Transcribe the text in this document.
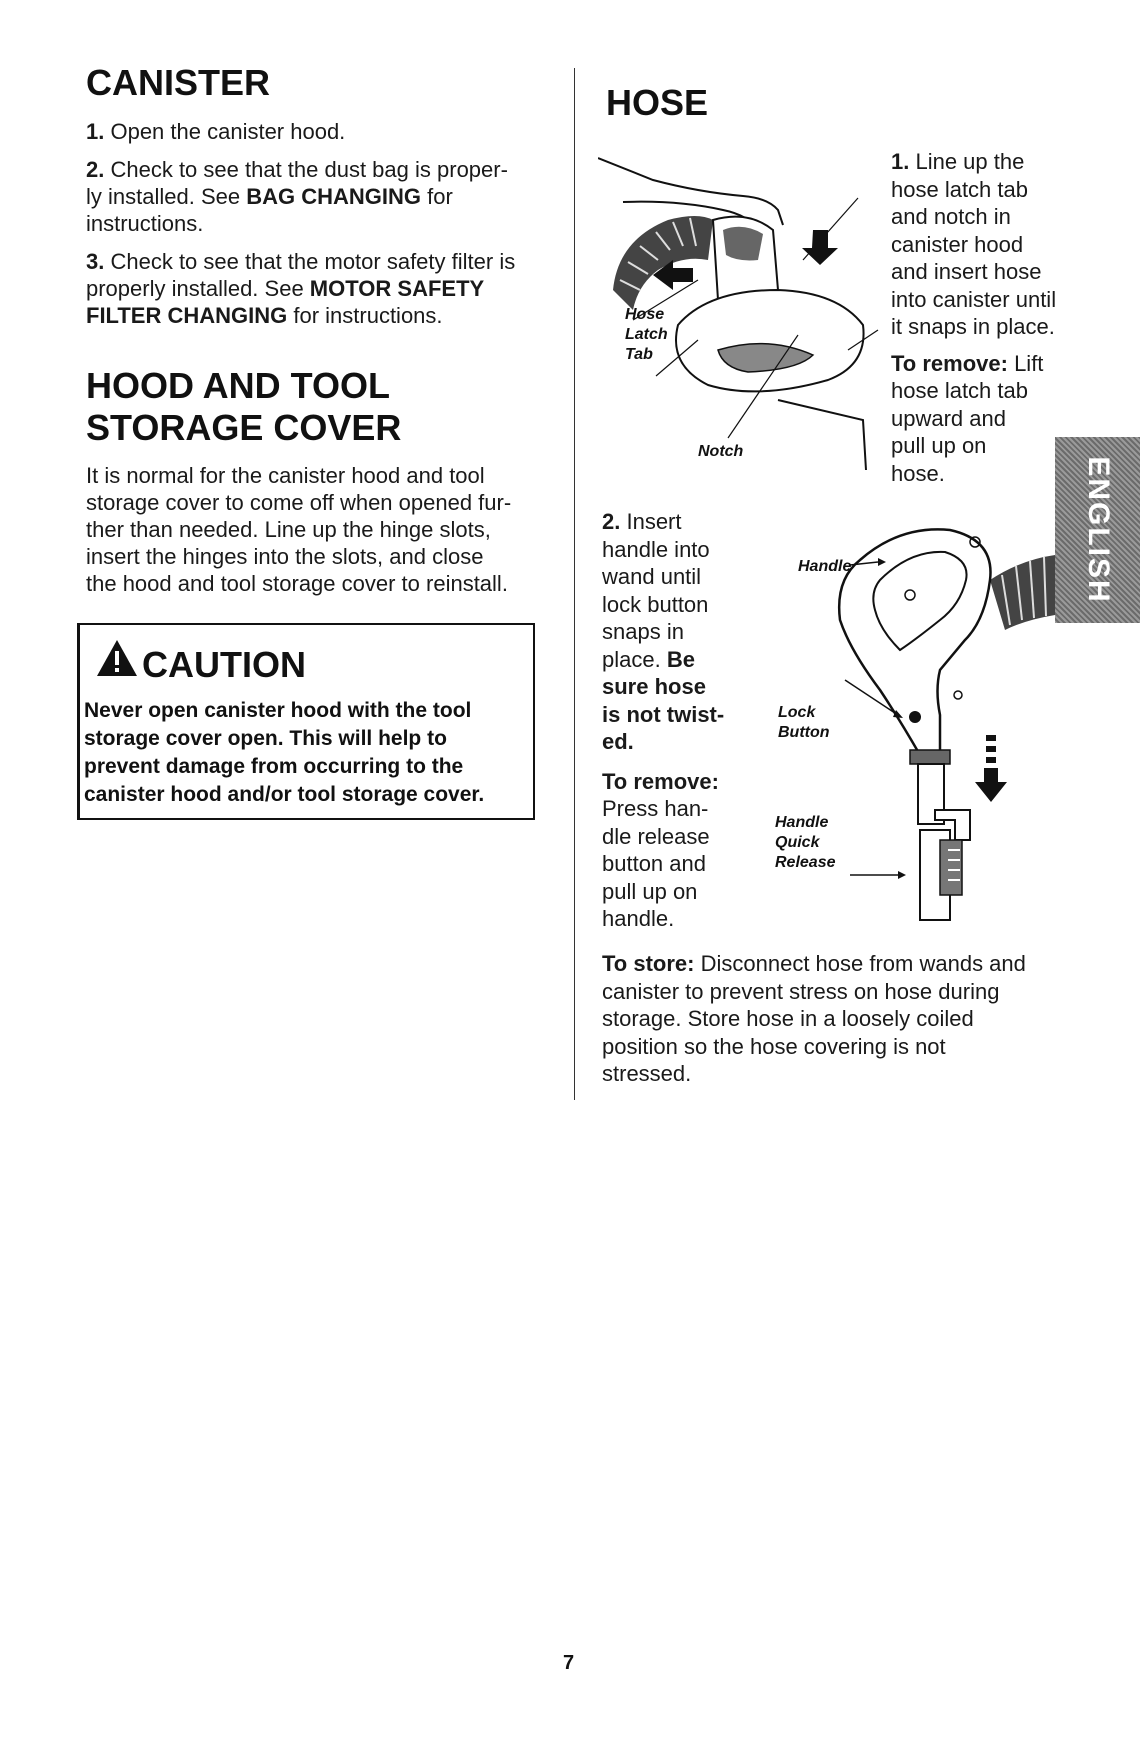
CANISTER

1. Open the canister hood.

2. Check to see that the dust bag is proper-
ly installed. See BAG CHANGING for
instructions.

3. Check to see that the motor safety filter is
properly installed. See MOTOR SAFETY
FILTER CHANGING for instructions.

HOOD AND TOOL
STORAGE COVER
It is normal for the canister hood and tool
storage cover to come off when opened fur-
ther than needed. Line up the hinge slots,
insert the hinges into the slots, and close
the hood and tool storage cover to reinstall.
CAUTION
Never open canister hood with the tool
storage cover open. This will help to
prevent damage from occurring to the
canister hood and/or tool storage cover.
HOSE
Hose
Latch
Tab
Notch
1. Line up the
hose latch tab
and notch in
canister hood
and insert hose
into canister until
it snaps in place.
To remove: Lift
hose latch tab
upward and
pull up on
hose.	ENGLISH
2. Insert
handle into
wand until
lock button
snaps in
place. Be
sure hose
is not twist-
ed.
To remove:
Press han-
dle release
button and
pull up on
handle.
Handle
Lock
Button
Handle
Quick
Release
To store: Disconnect hose from wands and
canister to prevent stress on hose during
storage. Store hose in a loosely coiled
position so the hose covering is not
stressed.
7
